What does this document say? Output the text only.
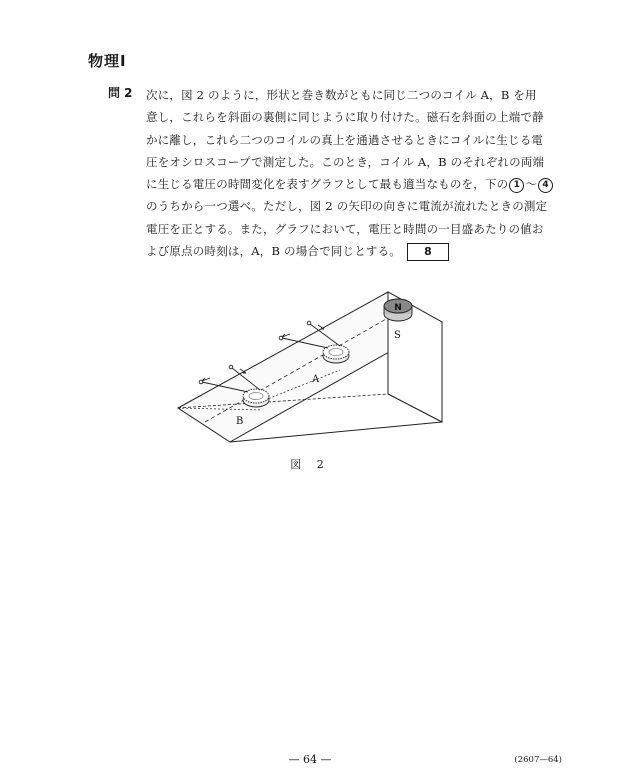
物理Ⅰ
問 2 次に，図 2 のように，形状と巻き数がともに同じ二つのコイル A，B を用
意し，これらを斜面の裏側に同じように取り付けた。磁石を斜面の上端で静
かに離し，これら二つのコイルの真上を通過させるときにコイルに生じる電
圧をオシロスコープで測定した。このとき，コイル A，B のそれぞれの両端
に生じる電圧の時間変化を表すグラフとして最も適当なものを，下の 1 〜 4
のうちから一つ選べ。ただし，図 2 の矢印の向きに電流が流れたときの測定
電圧を正とする。また，グラフにおいて，電圧と時間の一目盛あたりの値お
よび原点の時刻は，A，B の場合で同じとする。 8
N
S
A
B
図 2
— 64 —	(2607—64)
